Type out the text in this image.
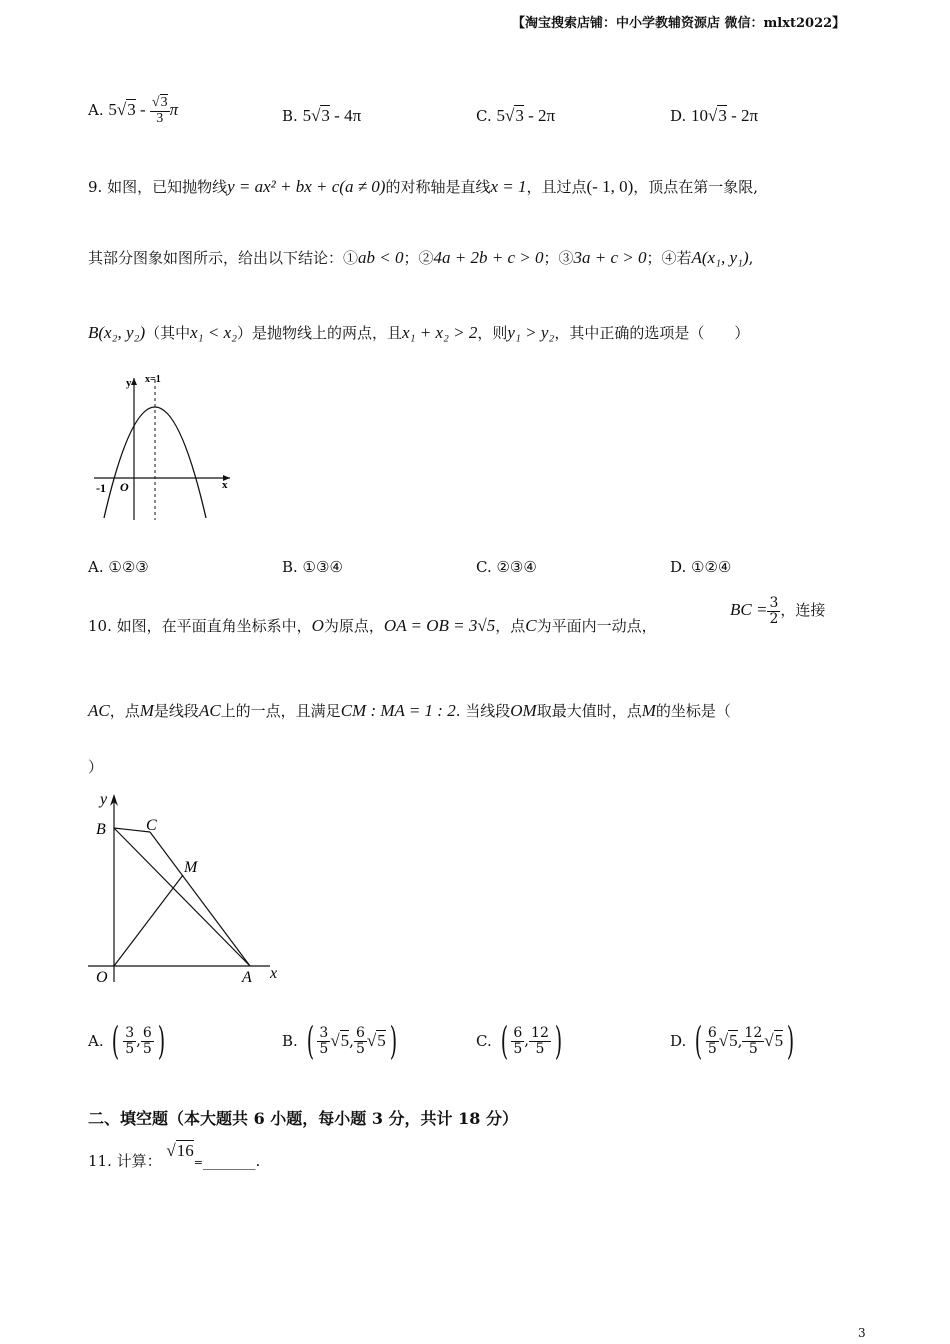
【淘宝搜索店铺：中小学教辅资源店 微信：mlxt2022】
A. $5√3 - \frac{√3}{3}$ π	B. 5√3 - 4π	C. 5√3 - 2π	D. 10√3 - 2π
9. 如图，已知抛物线y = ax² + bx + c(a ≠ 0)的对称轴是直线x = 1，且过点(- 1, 0)，顶点在第一象限,
其部分图象如图所示，给出以下结论：①ab < 0；②4a + 2b + c > 0；③3a + c > 0；④若A(x₁, y₁),
B(x₂, y₂)（其中x₁ < x₂）是抛物线上的两点，且x₁ + x₂ > 2，则y₁ > y₂，其中正确的选项是（　　）
y
x
x=1
O
-1
A. ①②③	B. ①③④	C. ②③④	D. ①②④
10. 如图，在平面直角坐标系中，O为原点，OA = OB = 3√5，点C为平面内一动点，
BC = $\frac{3}{2}$ ，连接
AC，点M是线段AC上的一点，且满足CM : MA = 1 : 2. 当线段OM取最大值时，点M的坐标是（
）
y
x
B	C
M
O	A
A. ( $\frac{3}{5}$ , $\frac{6}{5}$ )	B. ( $\frac{3}{5} √5$, $\frac{6}{5} √5$)	C. ( $\frac{6}{5}$ , $\frac{12}{5}$ )	D. ( $\frac{6}{5} √5$, $\frac{12}{5} √5$)
二、填空题（本大题共 6 小题，每小题 3 分，共计 18 分）
11. 计算： √16=_______.
3
